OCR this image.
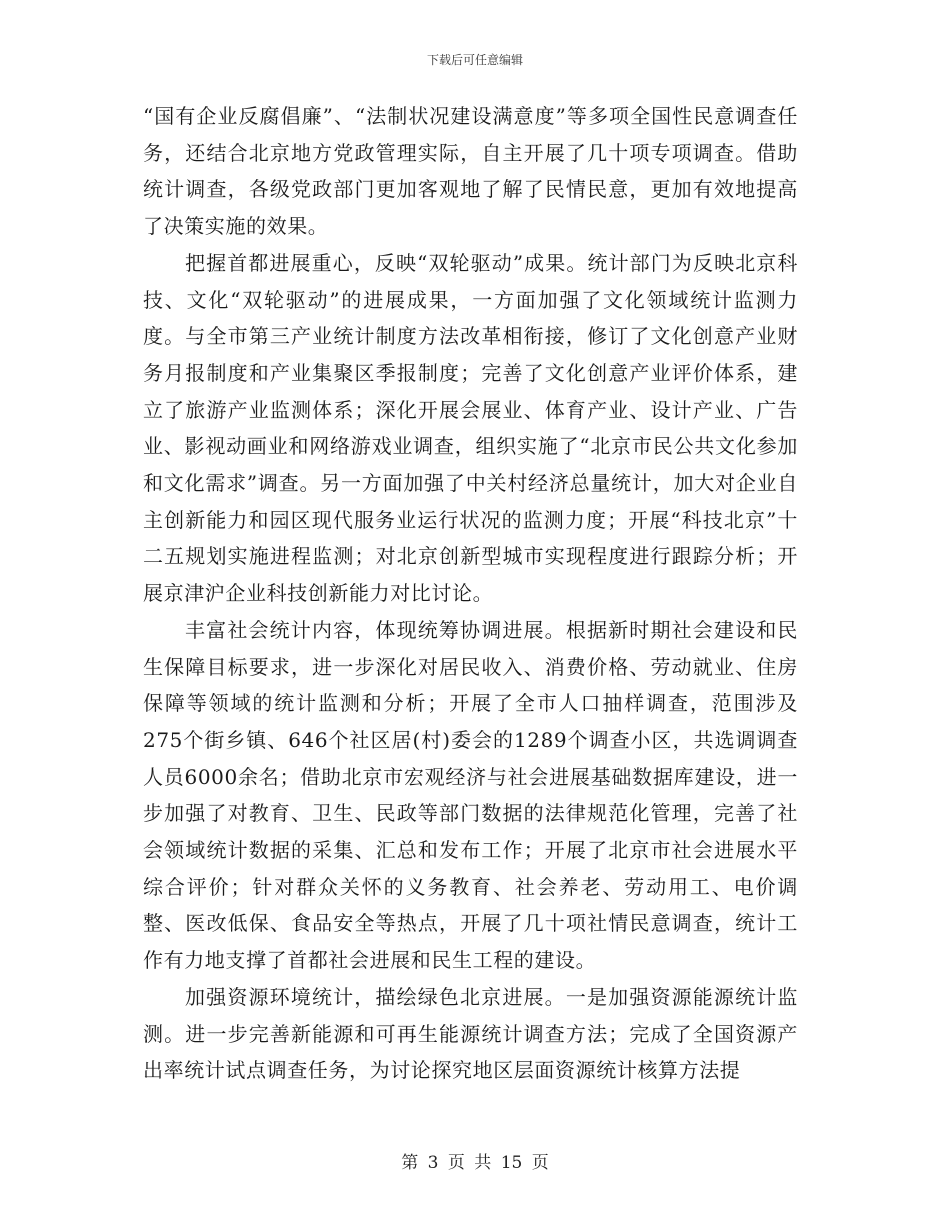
下载后可任意编辑

“国有企业反腐倡廉”、“法制状况建设满意度”等多项全国性民意调查任务，还结合北京地方党政管理实际，自主开展了几十项专项调查。借助统计调查，各级党政部门更加客观地了解了民情民意，更加有效地提高了决策实施的效果。

把握首都进展重心，反映“双轮驱动”成果。统计部门为反映北京科技、文化“双轮驱动”的进展成果，一方面加强了文化领域统计监测力度。与全市第三产业统计制度方法改革相衔接，修订了文化创意产业财务月报制度和产业集聚区季报制度；完善了文化创意产业评价体系，建立了旅游产业监测体系；深化开展会展业、体育产业、设计产业、广告业、影视动画业和网络游戏业调查，组织实施了“北京市民公共文化参加和文化需求”调查。另一方面加强了中关村经济总量统计，加大对企业自主创新能力和园区现代服务业运行状况的监测力度；开展“科技北京”十二五规划实施进程监测；对北京创新型城市实现程度进行跟踪分析；开展京津沪企业科技创新能力对比讨论。

丰富社会统计内容，体现统筹协调进展。根据新时期社会建设和民生保障目标要求，进一步深化对居民收入、消费价格、劳动就业、住房保障等领域的统计监测和分析；开展了全市人口抽样调查，范围涉及275个街乡镇、646个社区居(村)委会的1289个调查小区，共选调调查人员6000余名；借助北京市宏观经济与社会进展基础数据库建设，进一步加强了对教育、卫生、民政等部门数据的法律规范化管理，完善了社会领域统计数据的采集、汇总和发布工作；开展了北京市社会进展水平综合评价；针对群众关怀的义务教育、社会养老、劳动用工、电价调整、医改低保、食品安全等热点，开展了几十项社情民意调查，统计工作有力地支撑了首都社会进展和民生工程的建设。

加强资源环境统计，描绘绿色北京进展。一是加强资源能源统计监测。进一步完善新能源和可再生能源统计调查方法；完成了全国资源产出率统计试点调查任务，为讨论探究地区层面资源统计核算方法提

第 3 页 共 15 页
